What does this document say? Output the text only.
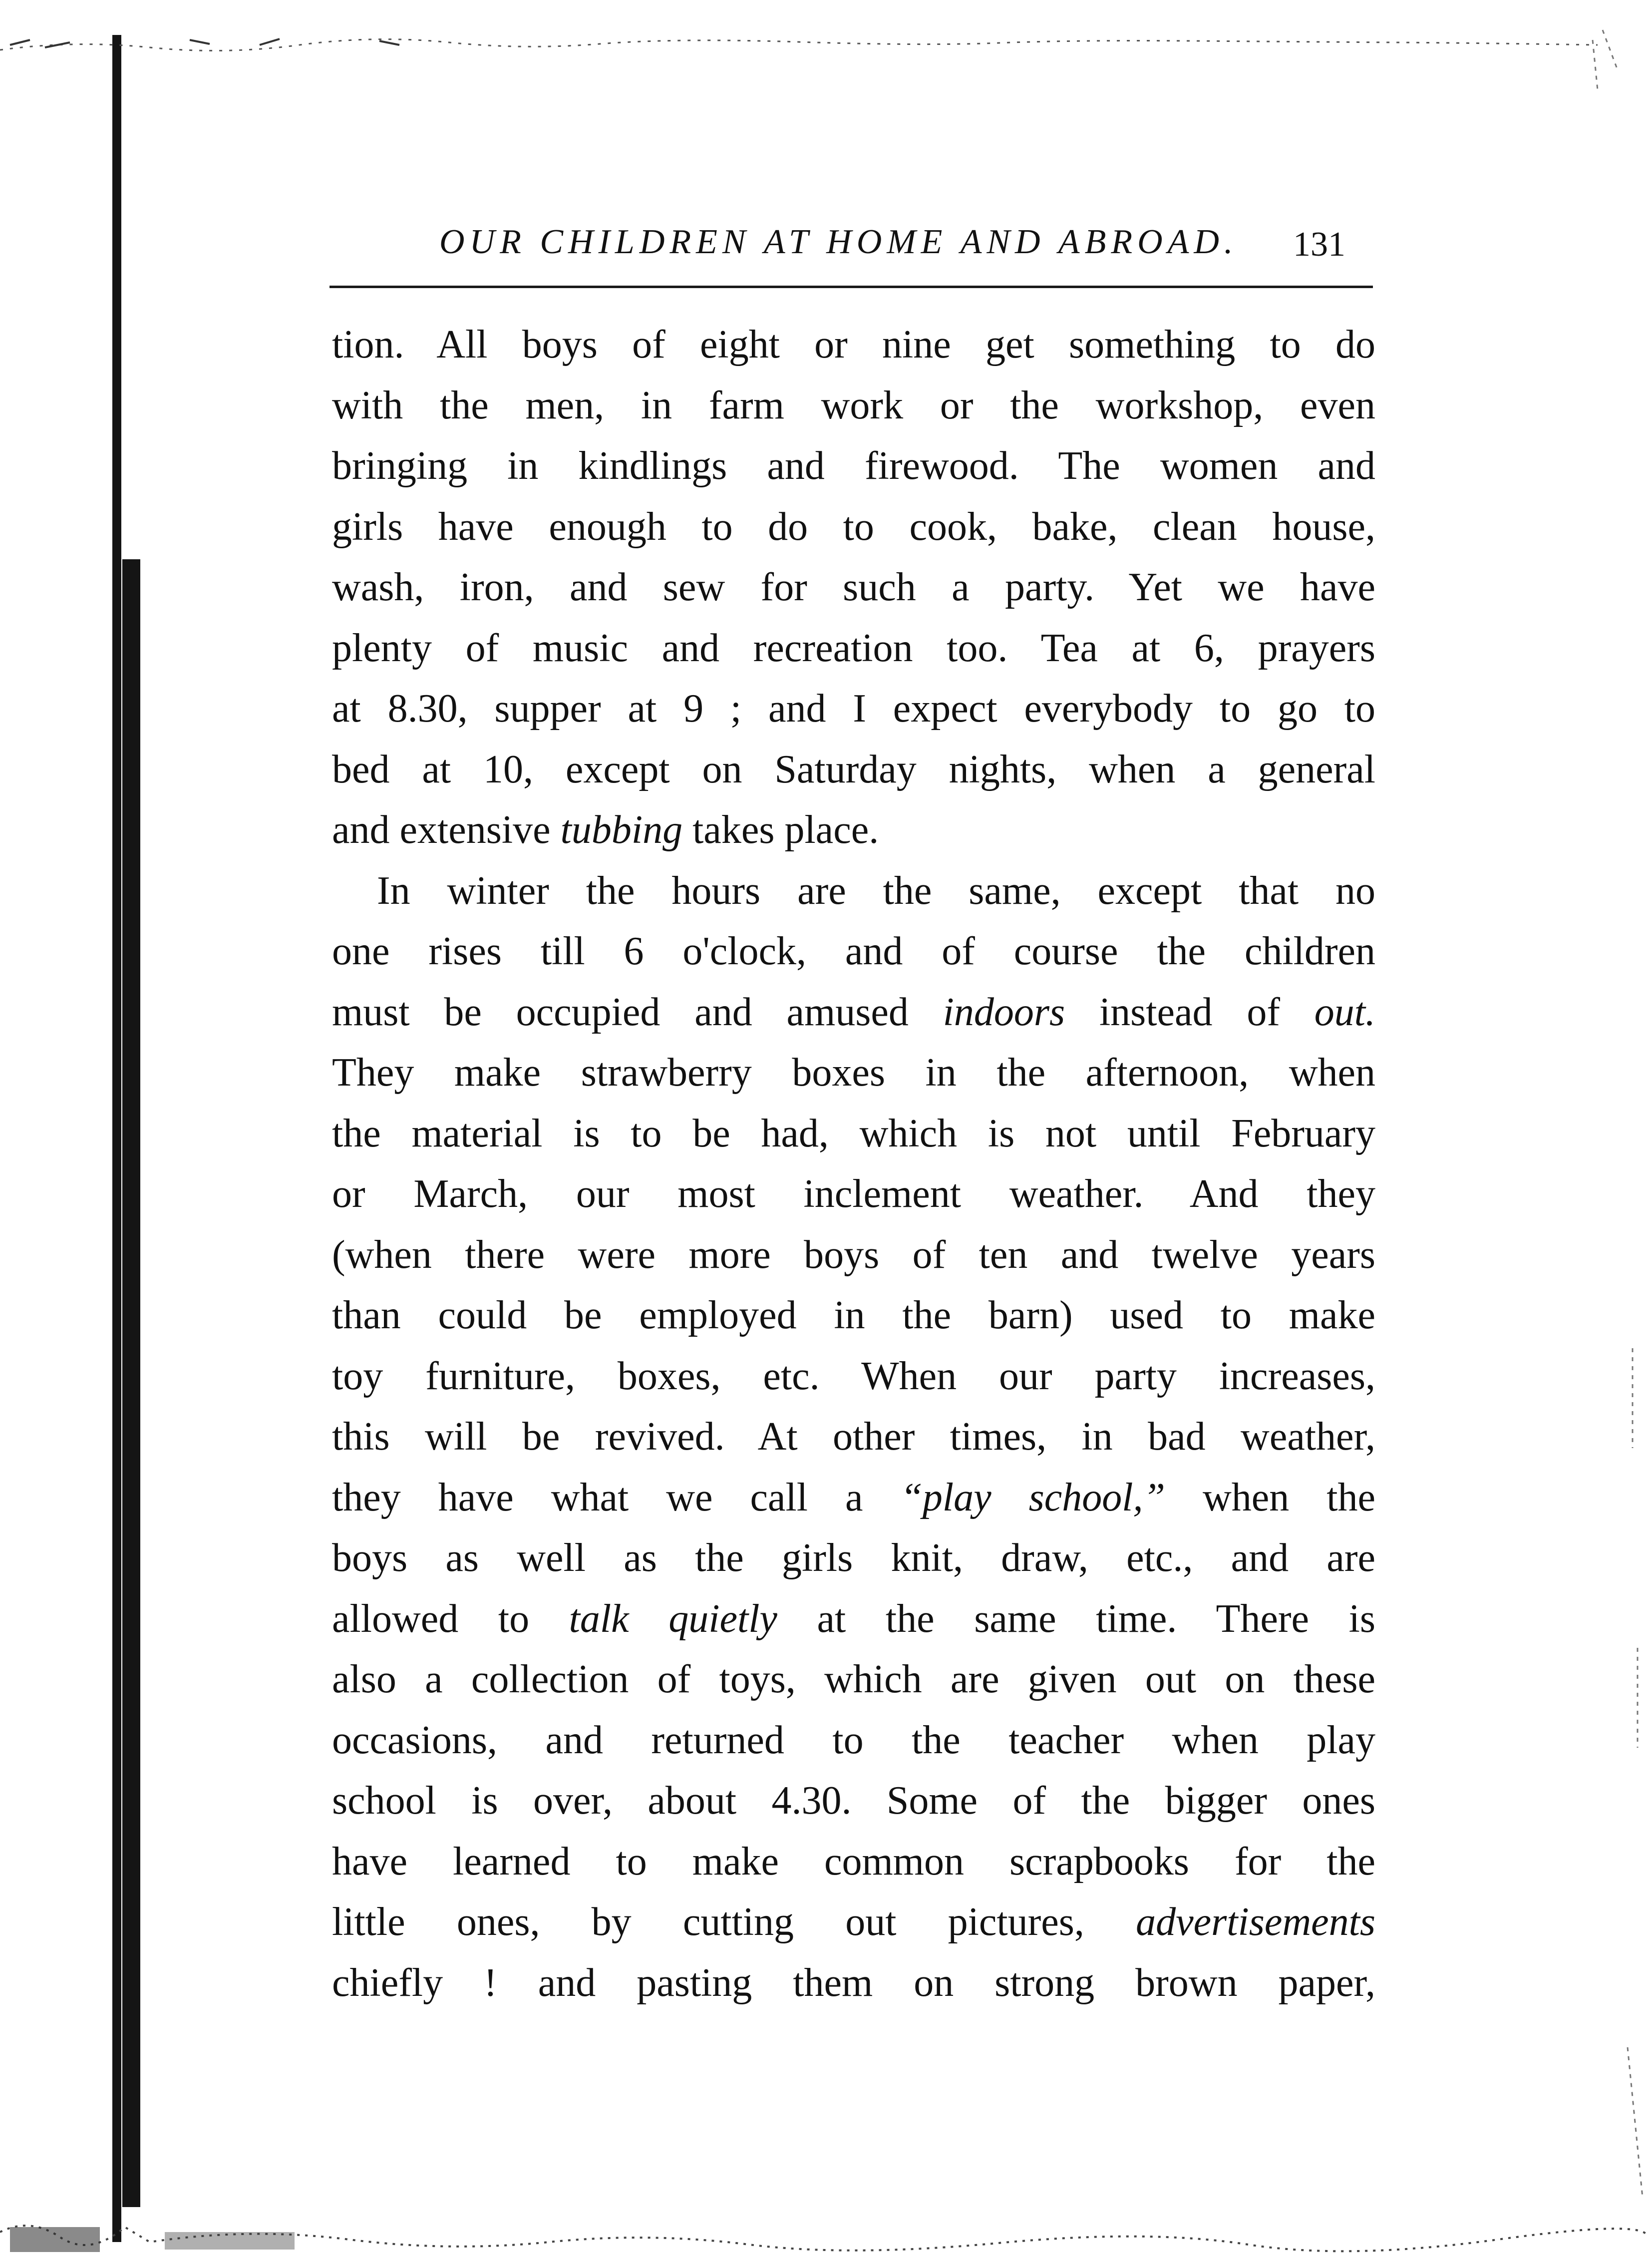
OUR CHILDREN AT HOME AND ABROAD.	131
tion. All boys of eight or nine get something to do
with the men, in farm work or the workshop, even
bringing in kindlings and firewood. The women and
girls have enough to do to cook, bake, clean house,
wash, iron, and sew for such a party. Yet we have
plenty of music and recreation too. Tea at 6, prayers
at 8.30, supper at 9 ; and I expect everybody to go to
bed at 10, except on Saturday nights, when a general
and extensive tubbing takes place.
In winter the hours are the same, except that no
one rises till 6 o'clock, and of course the children
must be occupied and amused indoors instead of out.
They make strawberry boxes in the afternoon, when
the material is to be had, which is not until February
or March, our most inclement weather. And they
(when there were more boys of ten and twelve years
than could be employed in the barn) used to make
toy furniture, boxes, etc. When our party increases,
this will be revived. At other times, in bad weather,
they have what we call a “play school,” when the
boys as well as the girls knit, draw, etc., and are
allowed to talk quietly at the same time. There is
also a collection of toys, which are given out on these
occasions, and returned to the teacher when play
school is over, about 4.30. Some of the bigger ones
have learned to make common scrapbooks for the
little ones, by cutting out pictures, advertisements
chiefly ! and pasting them on strong brown paper,
